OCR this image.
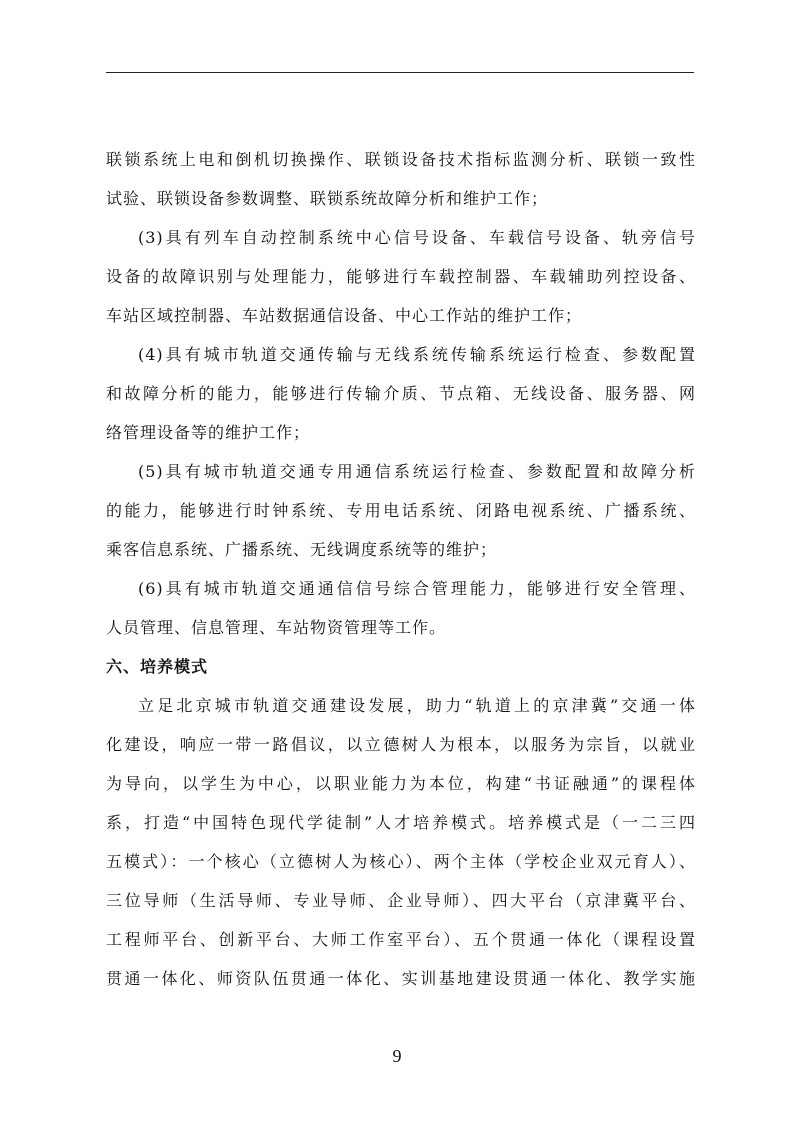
联锁系统上电和倒机切换操作、联锁设备技术指标监测分析、联锁一致性
试验、联锁设备参数调整、联锁系统故障分析和维护工作；
(3)具有列车自动控制系统中心信号设备、车载信号设备、轨旁信号
设备的故障识别与处理能力，能够进行车载控制器、车载辅助列控设备、
车站区域控制器、车站数据通信设备、中心工作站的维护工作；
(4)具有城市轨道交通传输与无线系统传输系统运行检查、参数配置
和故障分析的能力，能够进行传输介质、节点箱、无线设备、服务器、网
络管理设备等的维护工作；
(5)具有城市轨道交通专用通信系统运行检查、参数配置和故障分析
的能力，能够进行时钟系统、专用电话系统、闭路电视系统、广播系统、
乘客信息系统、广播系统、无线调度系统等的维护；
(6)具有城市轨道交通通信信号综合管理能力，能够进行安全管理、
人员管理、信息管理、车站物资管理等工作。
六、培养模式
立足北京城市轨道交通建设发展，助力“轨道上的京津冀”交通一体
化建设，响应一带一路倡议，以立德树人为根本，以服务为宗旨，以就业
为导向，以学生为中心，以职业能力为本位，构建“书证融通”的课程体
系，打造“中国特色现代学徒制”人才培养模式。培养模式是（一二三四
五模式）：一个核心（立德树人为核心）、两个主体（学校企业双元育人）、
三位导师（生活导师、专业导师、企业导师）、四大平台（京津冀平台、
工程师平台、创新平台、大师工作室平台）、五个贯通一体化（课程设置
贯通一体化、师资队伍贯通一体化、实训基地建设贯通一体化、教学实施
9
